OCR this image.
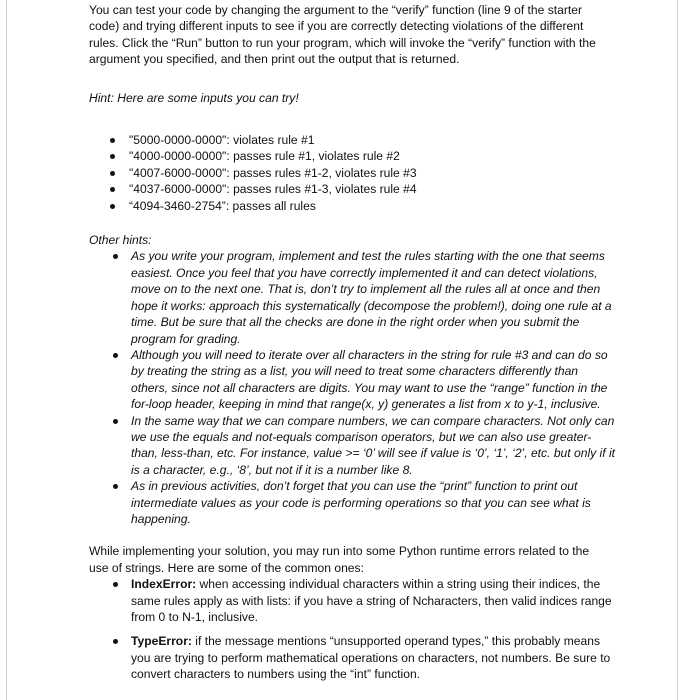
You can test your code by changing the argument to the “verify” function (line 9 of the starter code) and trying different inputs to see if you are correctly detecting violations of the different rules. Click the “Run” button to run your program, which will invoke the “verify” function with the argument you specified, and then print out the output that is returned.

Hint: Here are some inputs you can try!

"5000-0000-0000": violates rule #1
"4000-0000-0000": passes rule #1, violates rule #2
"4007-6000-0000": passes rules #1-2, violates rule #3
"4037-6000-0000": passes rules #1-3, violates rule #4
“4094-3460-2754”: passes all rules

Other hints:

As you write your program, implement and test the rules starting with the one that seems easiest. Once you feel that you have correctly implemented it and can detect violations, move on to the next one. That is, don’t try to implement all the rules all at once and then hope it works: approach this systematically (decompose the problem!), doing one rule at a time. But be sure that all the checks are done in the right order when you submit the program for grading.
Although you will need to iterate over all characters in the string for rule #3 and can do so by treating the string as a list, you will need to treat some characters differently than others, since not all characters are digits. You may want to use the “range” function in the for-loop header, keeping in mind that range(x, y) generates a list from x to y-1, inclusive.
In the same way that we can compare numbers, we can compare characters. Not only can we use the equals and not-equals comparison operators, but we can also use greater-than, less-than, etc. For instance, value >= ‘0’ will see if value is ‘0’, ‘1’, ‘2’, etc. but only if it is a character, e.g., ‘8’, but not if it is a number like 8.
As in previous activities, don’t forget that you can use the “print” function to print out intermediate values as your code is performing operations so that you can see what is happening.

While implementing your solution, you may run into some Python runtime errors related to the use of strings. Here are some of the common ones:

IndexError: when accessing individual characters within a string using their indices, the same rules apply as with lists: if you have a string of Ncharacters, then valid indices range from 0 to N-1, inclusive.
TypeError: if the message mentions “unsupported operand types,” this probably means you are trying to perform mathematical operations on characters, not numbers. Be sure to convert characters to numbers using the “int” function.
